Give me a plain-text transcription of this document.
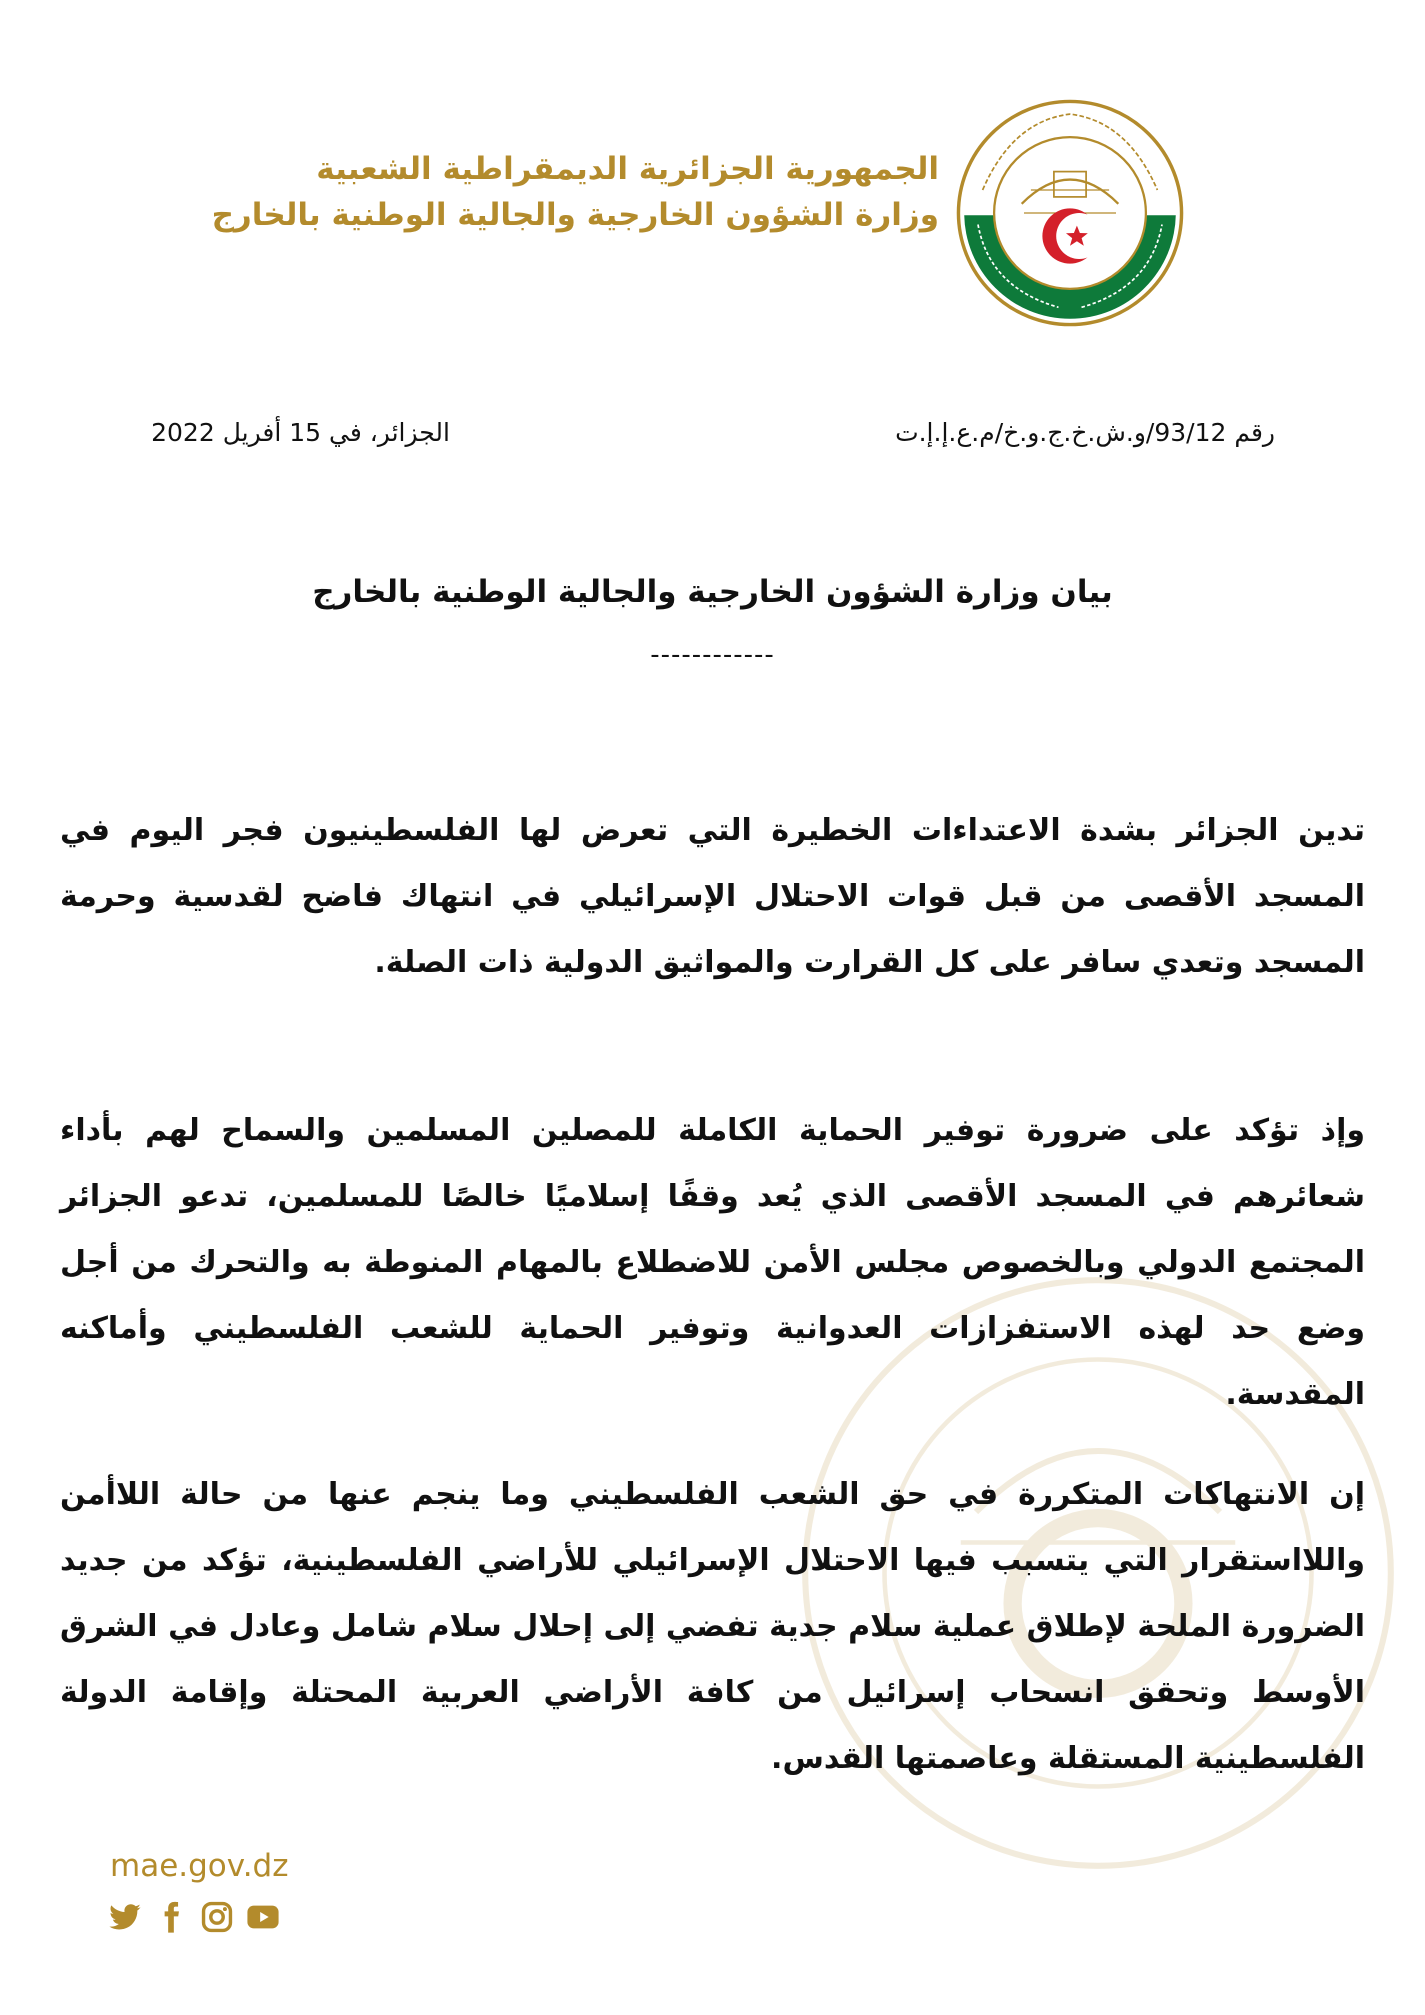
الجمهورية الجزائرية الديمقراطية الشعبية
وزارة الشؤون الخارجية والجالية الوطنية بالخارج
رقم 93/12/و.ش.خ.ج.و.خ/م.ع.إ.إ.ت
الجزائر، في 15 أفريل 2022
بيان وزارة الشؤون الخارجية والجالية الوطنية بالخارج
------------
تدين الجزائر بشدة الاعتداءات الخطيرة التي تعرض لها الفلسطينيون فجر اليوم في المسجد الأقصى من قبل قوات الاحتلال الإسرائيلي في انتهاك فاضح لقدسية وحرمة المسجد وتعدي سافر على كل القرارت والمواثيق الدولية ذات الصلة.
وإذ تؤكد على ضرورة توفير الحماية الكاملة للمصلين المسلمين والسماح لهم بأداء شعائرهم في المسجد الأقصى الذي يُعد وقفًا إسلاميًا خالصًا للمسلمين، تدعو الجزائر المجتمع الدولي وبالخصوص مجلس الأمن للاضطلاع بالمهام المنوطة به والتحرك من أجل وضع حد لهذه الاستفزازات العدوانية وتوفير الحماية للشعب الفلسطيني وأماكنه المقدسة.
إن الانتهاكات المتكررة في حق الشعب الفلسطيني وما ينجم عنها من حالة اللاأمن واللااستقرار التي يتسبب فيها الاحتلال الإسرائيلي للأراضي الفلسطينية، تؤكد من جديد الضرورة الملحة لإطلاق عملية سلام جدية تفضي إلى إحلال سلام شامل وعادل في الشرق الأوسط وتحقق انسحاب إسرائيل من كافة الأراضي العربية المحتلة وإقامة الدولة الفلسطينية المستقلة وعاصمتها القدس.
mae.gov.dz
